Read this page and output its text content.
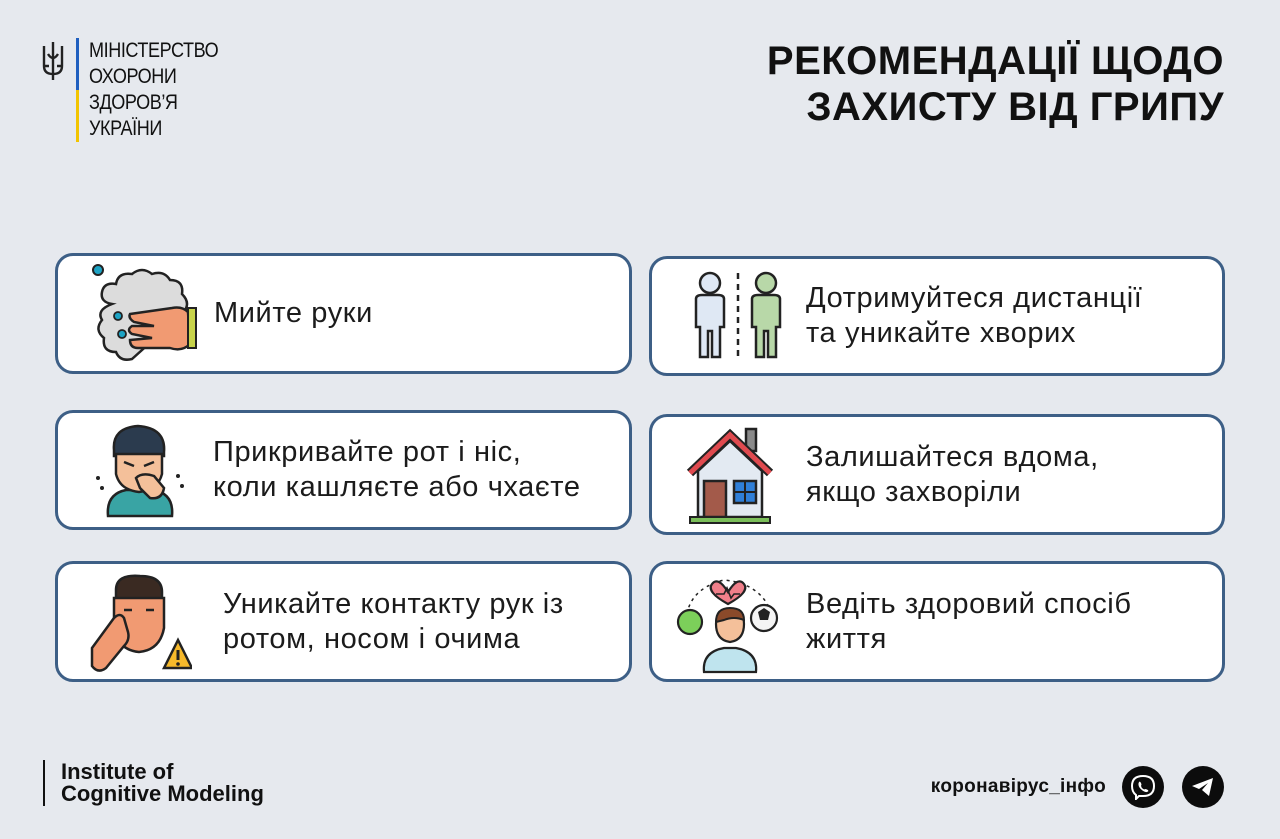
МІНІСТЕРСТВО
ОХОРОНИ
ЗДОРОВ’Я
УКРАЇНИ
РЕКОМЕНДАЦІЇ ЩОДО
ЗАХИСТУ ВІД ГРИПУ
Мийте руки	Дотримуйтеся дистанції
та уникайте хворих
Прикривайте рот і ніс,
коли кашляєте або чхаєте
Залишайтеся вдома,
якщо захворіли
Уникайте контакту рук із
ротом, носом і очима
Ведіть здоровий спосіб
життя
Institute of
Cognitive Modeling	коронавірус_інфо
